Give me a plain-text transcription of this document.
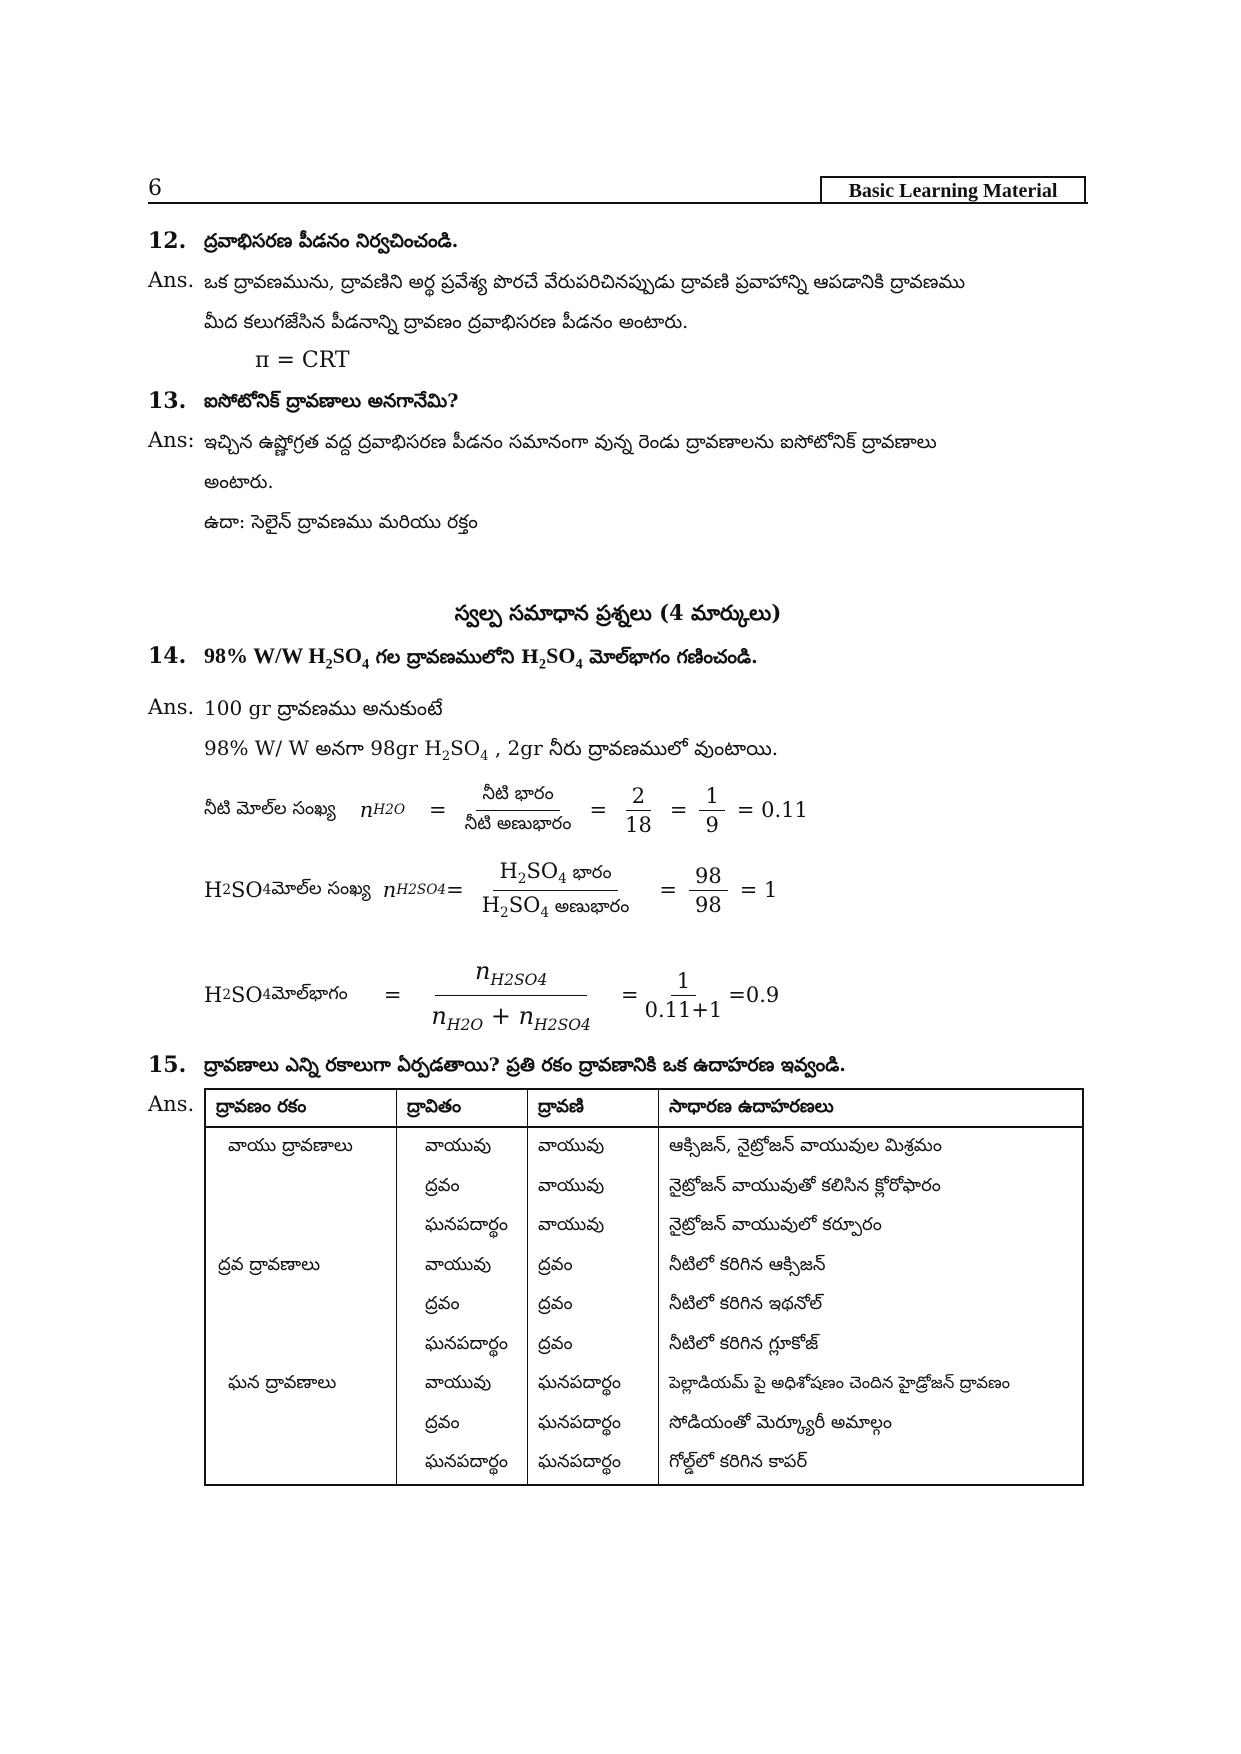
6	Basic Learning Material
12. ద్రవాభిసరణ పీడనం నిర్వచించండి.
Ans. ఒక ద్రావణమును, ద్రావణిని అర్థ ప్రవేశ్య పొరచే వేరుపరిచినప్పుడు ద్రావణి ప్రవాహాన్ని ఆపడానికి ద్రావణము
మీద కలుగజేసిన పీడనాన్ని ద్రావణం ద్రవాభిసరణ పీడనం అంటారు.
π = CRT
13. ఐసోటోనిక్ ద్రావణాలు అనగానేమి?
Ans: ఇచ్చిన ఉష్ణోగ్రత వద్ద ద్రవాభిసరణ పీడనం సమానంగా వున్న రెండు ద్రావణాలను ఐసోటోనిక్ ద్రావణాలు
అంటారు.
ఉదా: సెలైన్ ద్రావణము మరియు రక్తం
స్వల్ప సమాధాన ప్రశ్నలు (4 మార్కులు)
14. 98% W/W $H_2SO_4$ గల ద్రావణములోని $H_2SO_4$ మోల్‌భాగం గణించండి.
Ans. 100 gr ద్రావణము అనుకుంటే
98% W/ W అనగా 98gr $H_2SO_4$ , 2gr నీరు ద్రావణములో వుంటాయి.
నీటి మోల్‌ల సంఖ్య n $H2O = \frac{\text{నీటి భారం}}{\text{నీటి అణుభారం}} = \frac{2}{18} = \frac{1}{9} = 0.11$
H 2 SO 4 మోల్‌ల సంఖ్య n $H2SO4 = \frac{H_2SO_4 భారం}{H_2SO_4 అణుభారం} = \frac{98}{98} = 1$
H 2 SO 4 మోల్‌భాగం = $\frac{n_{H2SO4}}{n_{H2O} + n_{H2SO4}} = \frac{1}{0.11+1} =0.9$
15. ద్రావణాలు ఎన్ని రకాలుగా ఏర్పడతాయి? ప్రతి రకం ద్రావణానికి ఒక ఉదాహరణ ఇవ్వండి.
Ans. ద్రావణం రకం	ద్రావితం	ద్రావణి	సాధారణ ఉదాహరణలు
వాయు ద్రావణాలు	వాయువు	వాయువు	ఆక్సిజన్, నైట్రోజన్ వాయువుల మిశ్రమం
	ద్రవం	వాయువు	నైట్రోజన్ వాయువుతో కలిసిన క్లోరోఫారం
	ఘనపదార్థం	వాయువు	నైట్రోజన్ వాయువులో కర్పూరం
ద్రవ ద్రావణాలు	వాయువు	ద్రవం	నీటిలో కరిగిన ఆక్సిజన్
	ద్రవం	ద్రవం	నీటిలో కరిగిన ఇథనోల్
	ఘనపదార్థం	ద్రవం	నీటిలో కరిగిన గ్లూకోజ్
ఘన ద్రావణాలు	వాయువు	ఘనపదార్థం	పెల్లాడియమ్ పై అధిశోషణం చెందిన హైడ్రోజన్ ద్రావణం
	ద్రవం	ఘనపదార్థం	సోడియంతో మెర్క్యూరీ అమాల్గం
	ఘనపదార్థం	ఘనపదార్థం	గోల్డ్‌లో కరిగిన కాపర్
